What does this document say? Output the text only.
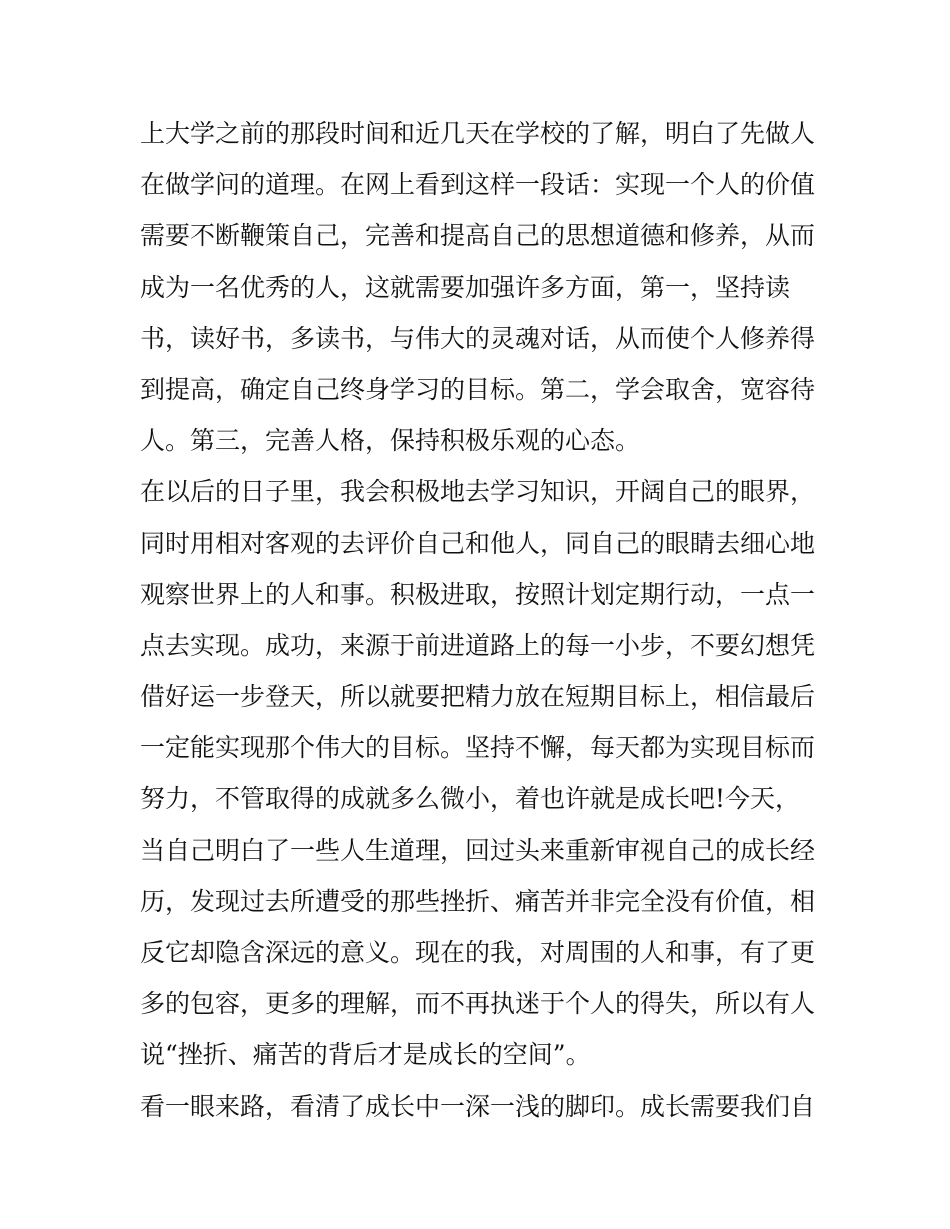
上大学之前的那段时间和近几天在学校的了解，明白了先做人
在做学问的道理。在网上看到这样一段话：实现一个人的价值
需要不断鞭策自己，完善和提高自己的思想道德和修养，从而
成为一名优秀的人，这就需要加强许多方面，第一，坚持读
书，读好书，多读书，与伟大的灵魂对话，从而使个人修养得
到提高，确定自己终身学习的目标。第二，学会取舍，宽容待
人。第三，完善人格，保持积极乐观的心态。
在以后的日子里，我会积极地去学习知识，开阔自己的眼界，
同时用相对客观的去评价自己和他人，同自己的眼睛去细心地
观察世界上的人和事。积极进取，按照计划定期行动，一点一
点去实现。成功，来源于前进道路上的每一小步，不要幻想凭
借好运一步登天，所以就要把精力放在短期目标上，相信最后
一定能实现那个伟大的目标。坚持不懈，每天都为实现目标而
努力，不管取得的成就多么微小，着也许就是成长吧!今天，
当自己明白了一些人生道理，回过头来重新审视自己的成长经
历，发现过去所遭受的那些挫折、痛苦并非完全没有价值，相
反它却隐含深远的意义。现在的我，对周围的人和事，有了更
多的包容，更多的理解，而不再执迷于个人的得失，所以有人
说“挫折、痛苦的背后才是成长的空间”。
看一眼来路，看清了成长中一深一浅的脚印。成长需要我们自
